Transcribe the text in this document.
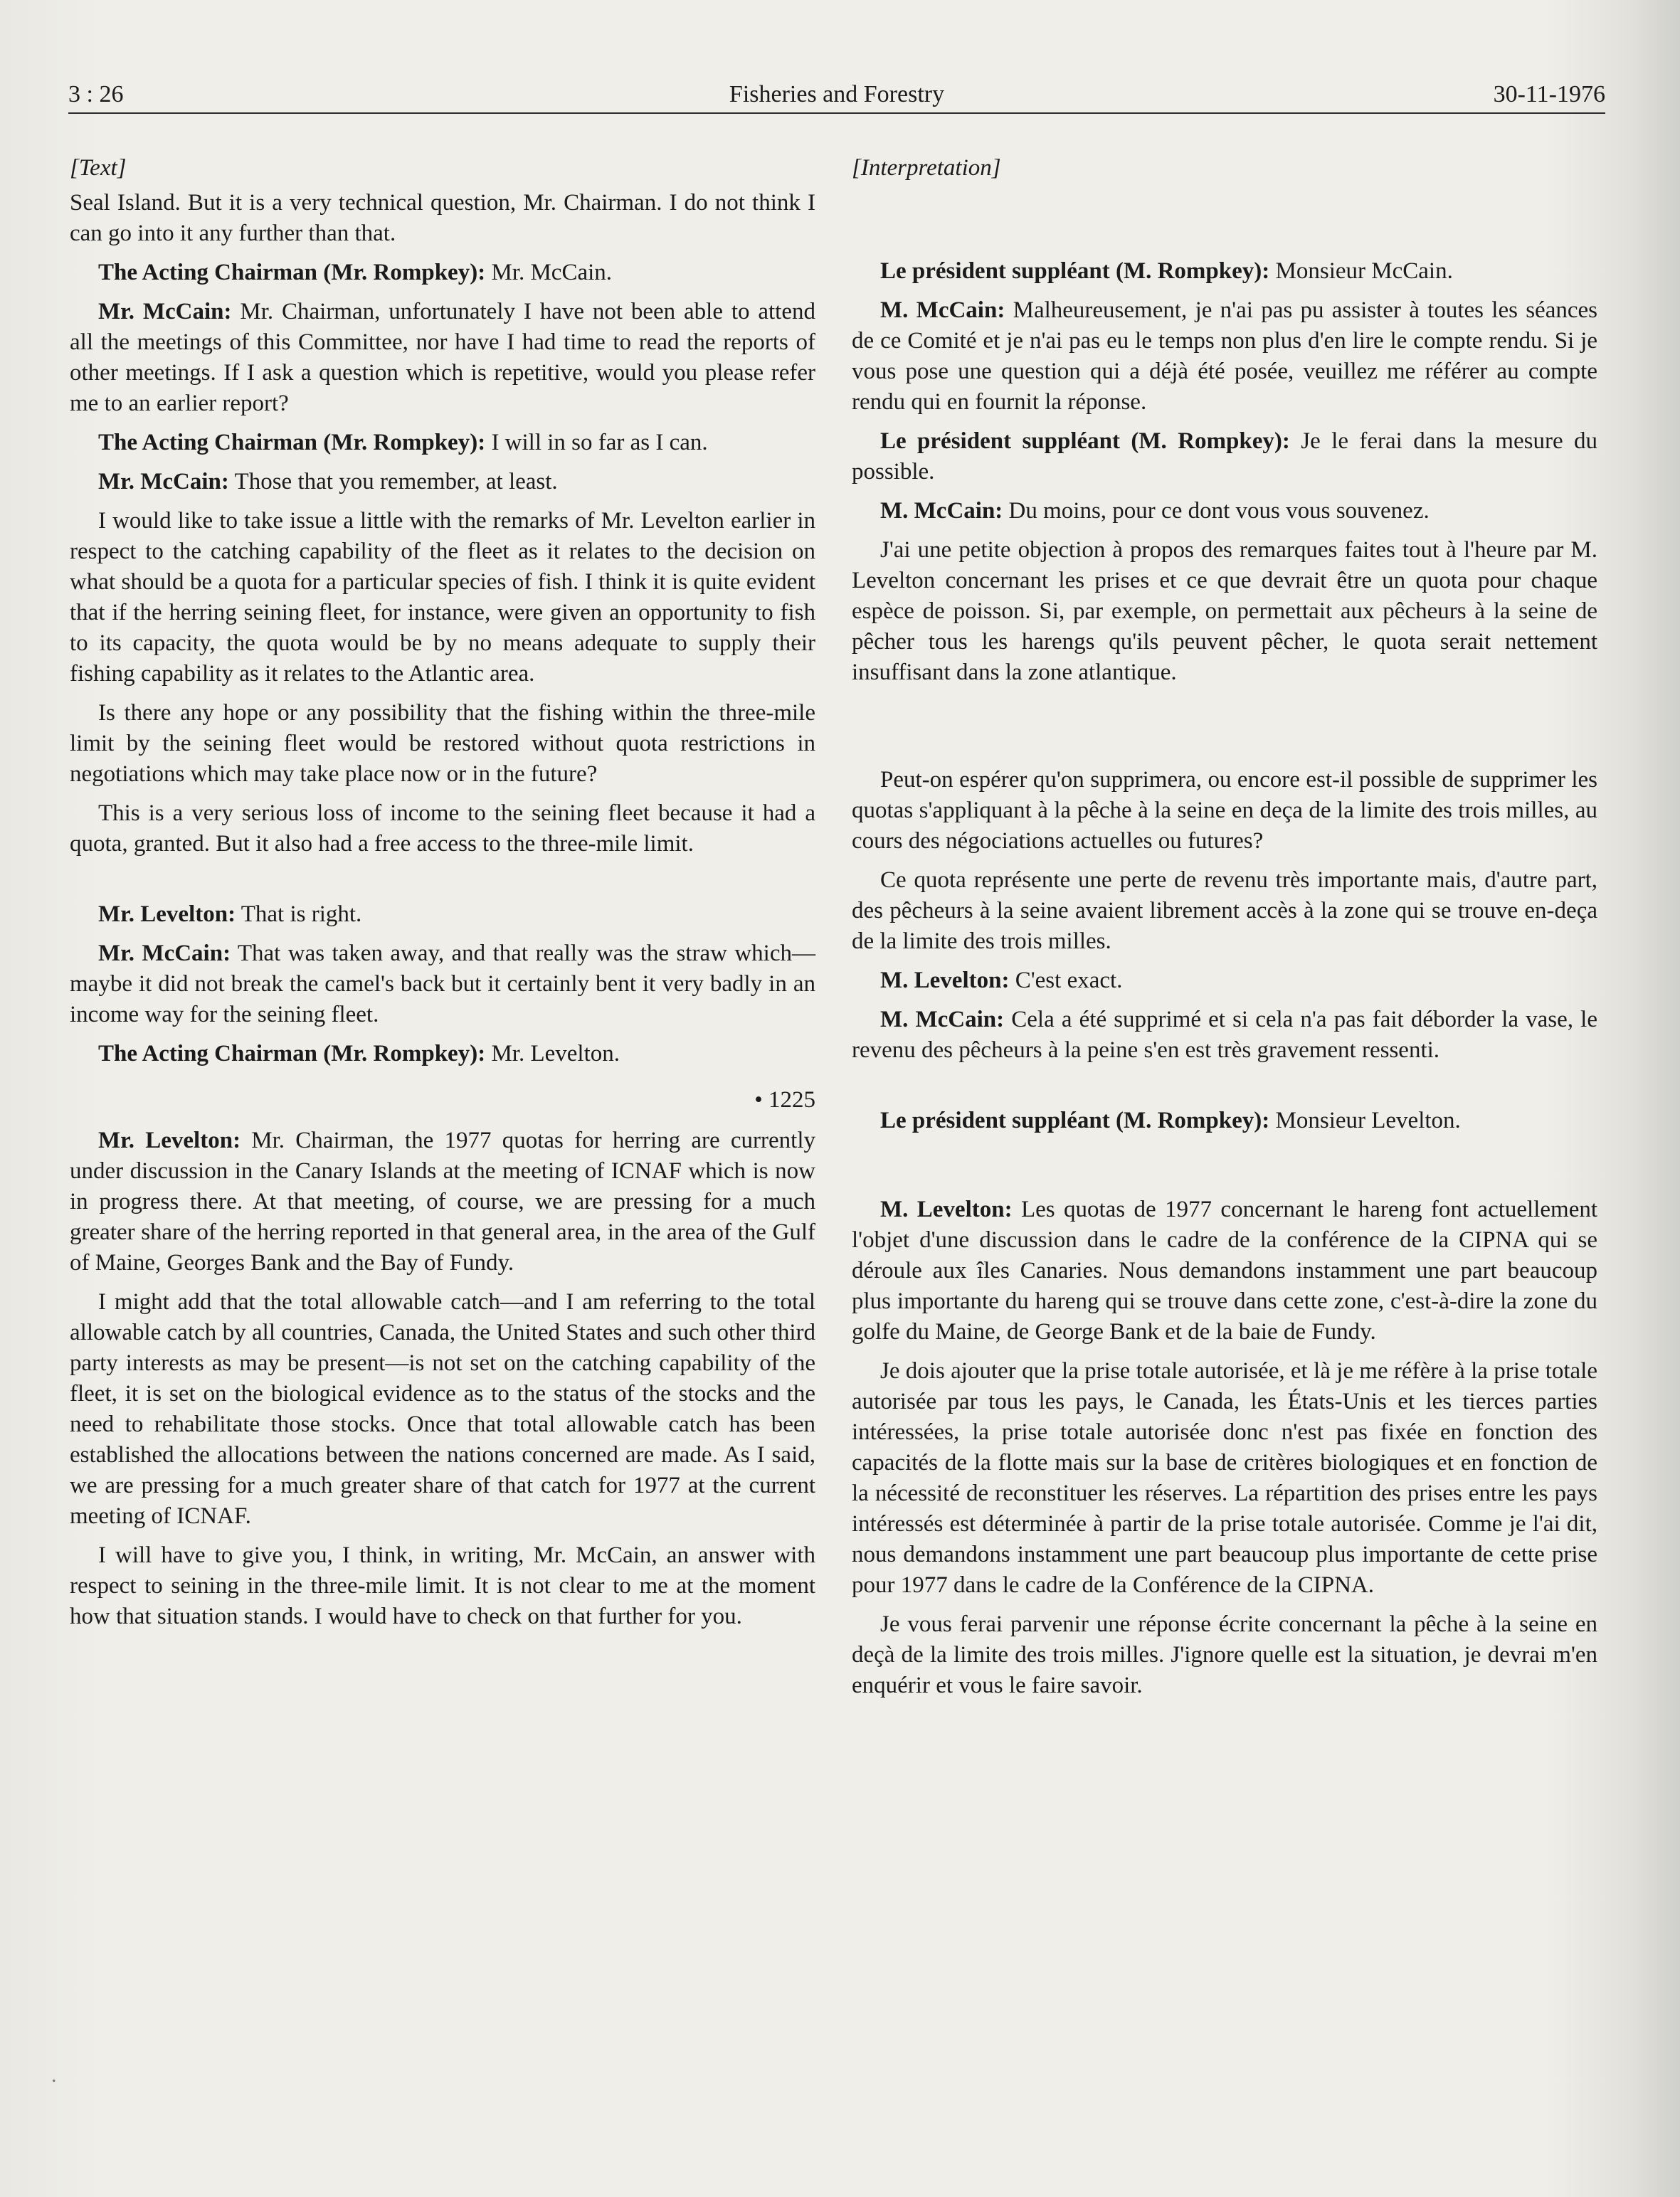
3 : 26	Fisheries and Forestry	30-11-1976

[Text]

Seal Island. But it is a very technical question, Mr. Chairman. I do not think I can go into it any further than that.

The Acting Chairman (Mr. Rompkey): Mr. McCain.

Mr. McCain: Mr. Chairman, unfortunately I have not been able to attend all the meetings of this Committee, nor have I had time to read the reports of other meetings. If I ask a question which is repetitive, would you please refer me to an earlier report?

The Acting Chairman (Mr. Rompkey): I will in so far as I can.

Mr. McCain: Those that you remember, at least.

I would like to take issue a little with the remarks of Mr. Levelton earlier in respect to the catching capability of the fleet as it relates to the decision on what should be a quota for a particular species of fish. I think it is quite evident that if the herring seining fleet, for instance, were given an opportunity to fish to its capacity, the quota would be by no means adequate to supply their fishing capability as it relates to the Atlantic area.

Is there any hope or any possibility that the fishing within the three-mile limit by the seining fleet would be restored without quota restrictions in negotiations which may take place now or in the future?

This is a very serious loss of income to the seining fleet because it had a quota, granted. But it also had a free access to the three-mile limit.

Mr. Levelton: That is right.

Mr. McCain: That was taken away, and that really was the straw which—maybe it did not break the camel's back but it certainly bent it very badly in an income way for the seining fleet.

The Acting Chairman (Mr. Rompkey): Mr. Levelton.

• 1225

Mr. Levelton: Mr. Chairman, the 1977 quotas for herring are currently under discussion in the Canary Islands at the meeting of ICNAF which is now in progress there. At that meeting, of course, we are pressing for a much greater share of the herring reported in that general area, in the area of the Gulf of Maine, Georges Bank and the Bay of Fundy.

I might add that the total allowable catch—and I am referring to the total allowable catch by all countries, Canada, the United States and such other third party interests as may be present—is not set on the catching capability of the fleet, it is set on the biological evidence as to the status of the stocks and the need to rehabilitate those stocks. Once that total allowable catch has been established the allocations between the nations concerned are made. As I said, we are pressing for a much greater share of that catch for 1977 at the current meeting of ICNAF.

I will have to give you, I think, in writing, Mr. McCain, an answer with respect to seining in the three-mile limit. It is not clear to me at the moment how that situation stands. I would have to check on that further for you.

[Interpretation]

Le président suppléant (M. Rompkey): Monsieur McCain.

M. McCain: Malheureusement, je n'ai pas pu assister à toutes les séances de ce Comité et je n'ai pas eu le temps non plus d'en lire le compte rendu. Si je vous pose une question qui a déjà été posée, veuillez me référer au compte rendu qui en fournit la réponse.

Le président suppléant (M. Rompkey): Je le ferai dans la mesure du possible.

M. McCain: Du moins, pour ce dont vous vous souvenez.

J'ai une petite objection à propos des remarques faites tout à l'heure par M. Levelton concernant les prises et ce que devrait être un quota pour chaque espèce de poisson. Si, par exemple, on permettait aux pêcheurs à la seine de pêcher tous les harengs qu'ils peuvent pêcher, le quota serait nettement insuffisant dans la zone atlantique.

Peut-on espérer qu'on supprimera, ou encore est-il possible de supprimer les quotas s'appliquant à la pêche à la seine en deça de la limite des trois milles, au cours des négociations actuelles ou futures?

Ce quota représente une perte de revenu très importante mais, d'autre part, des pêcheurs à la seine avaient librement accès à la zone qui se trouve en-deça de la limite des trois milles.

M. Levelton: C'est exact.

M. McCain: Cela a été supprimé et si cela n'a pas fait déborder la vase, le revenu des pêcheurs à la peine s'en est très gravement ressenti.

Le président suppléant (M. Rompkey): Monsieur Levelton.

M. Levelton: Les quotas de 1977 concernant le hareng font actuellement l'objet d'une discussion dans le cadre de la conférence de la CIPNA qui se déroule aux îles Canaries. Nous demandons instamment une part beaucoup plus importante du hareng qui se trouve dans cette zone, c'est-à-dire la zone du golfe du Maine, de George Bank et de la baie de Fundy.

Je dois ajouter que la prise totale autorisée, et là je me réfère à la prise totale autorisée par tous les pays, le Canada, les États-Unis et les tierces parties intéressées, la prise totale autorisée donc n'est pas fixée en fonction des capacités de la flotte mais sur la base de critères biologiques et en fonction de la nécessité de reconstituer les réserves. La répartition des prises entre les pays intéressés est déterminée à partir de la prise totale autorisée. Comme je l'ai dit, nous demandons instamment une part beaucoup plus importante de cette prise pour 1977 dans le cadre de la Conférence de la CIPNA.

Je vous ferai parvenir une réponse écrite concernant la pêche à la seine en deçà de la limite des trois milles. J'ignore quelle est la situation, je devrai m'en enquérir et vous le faire savoir.

.
